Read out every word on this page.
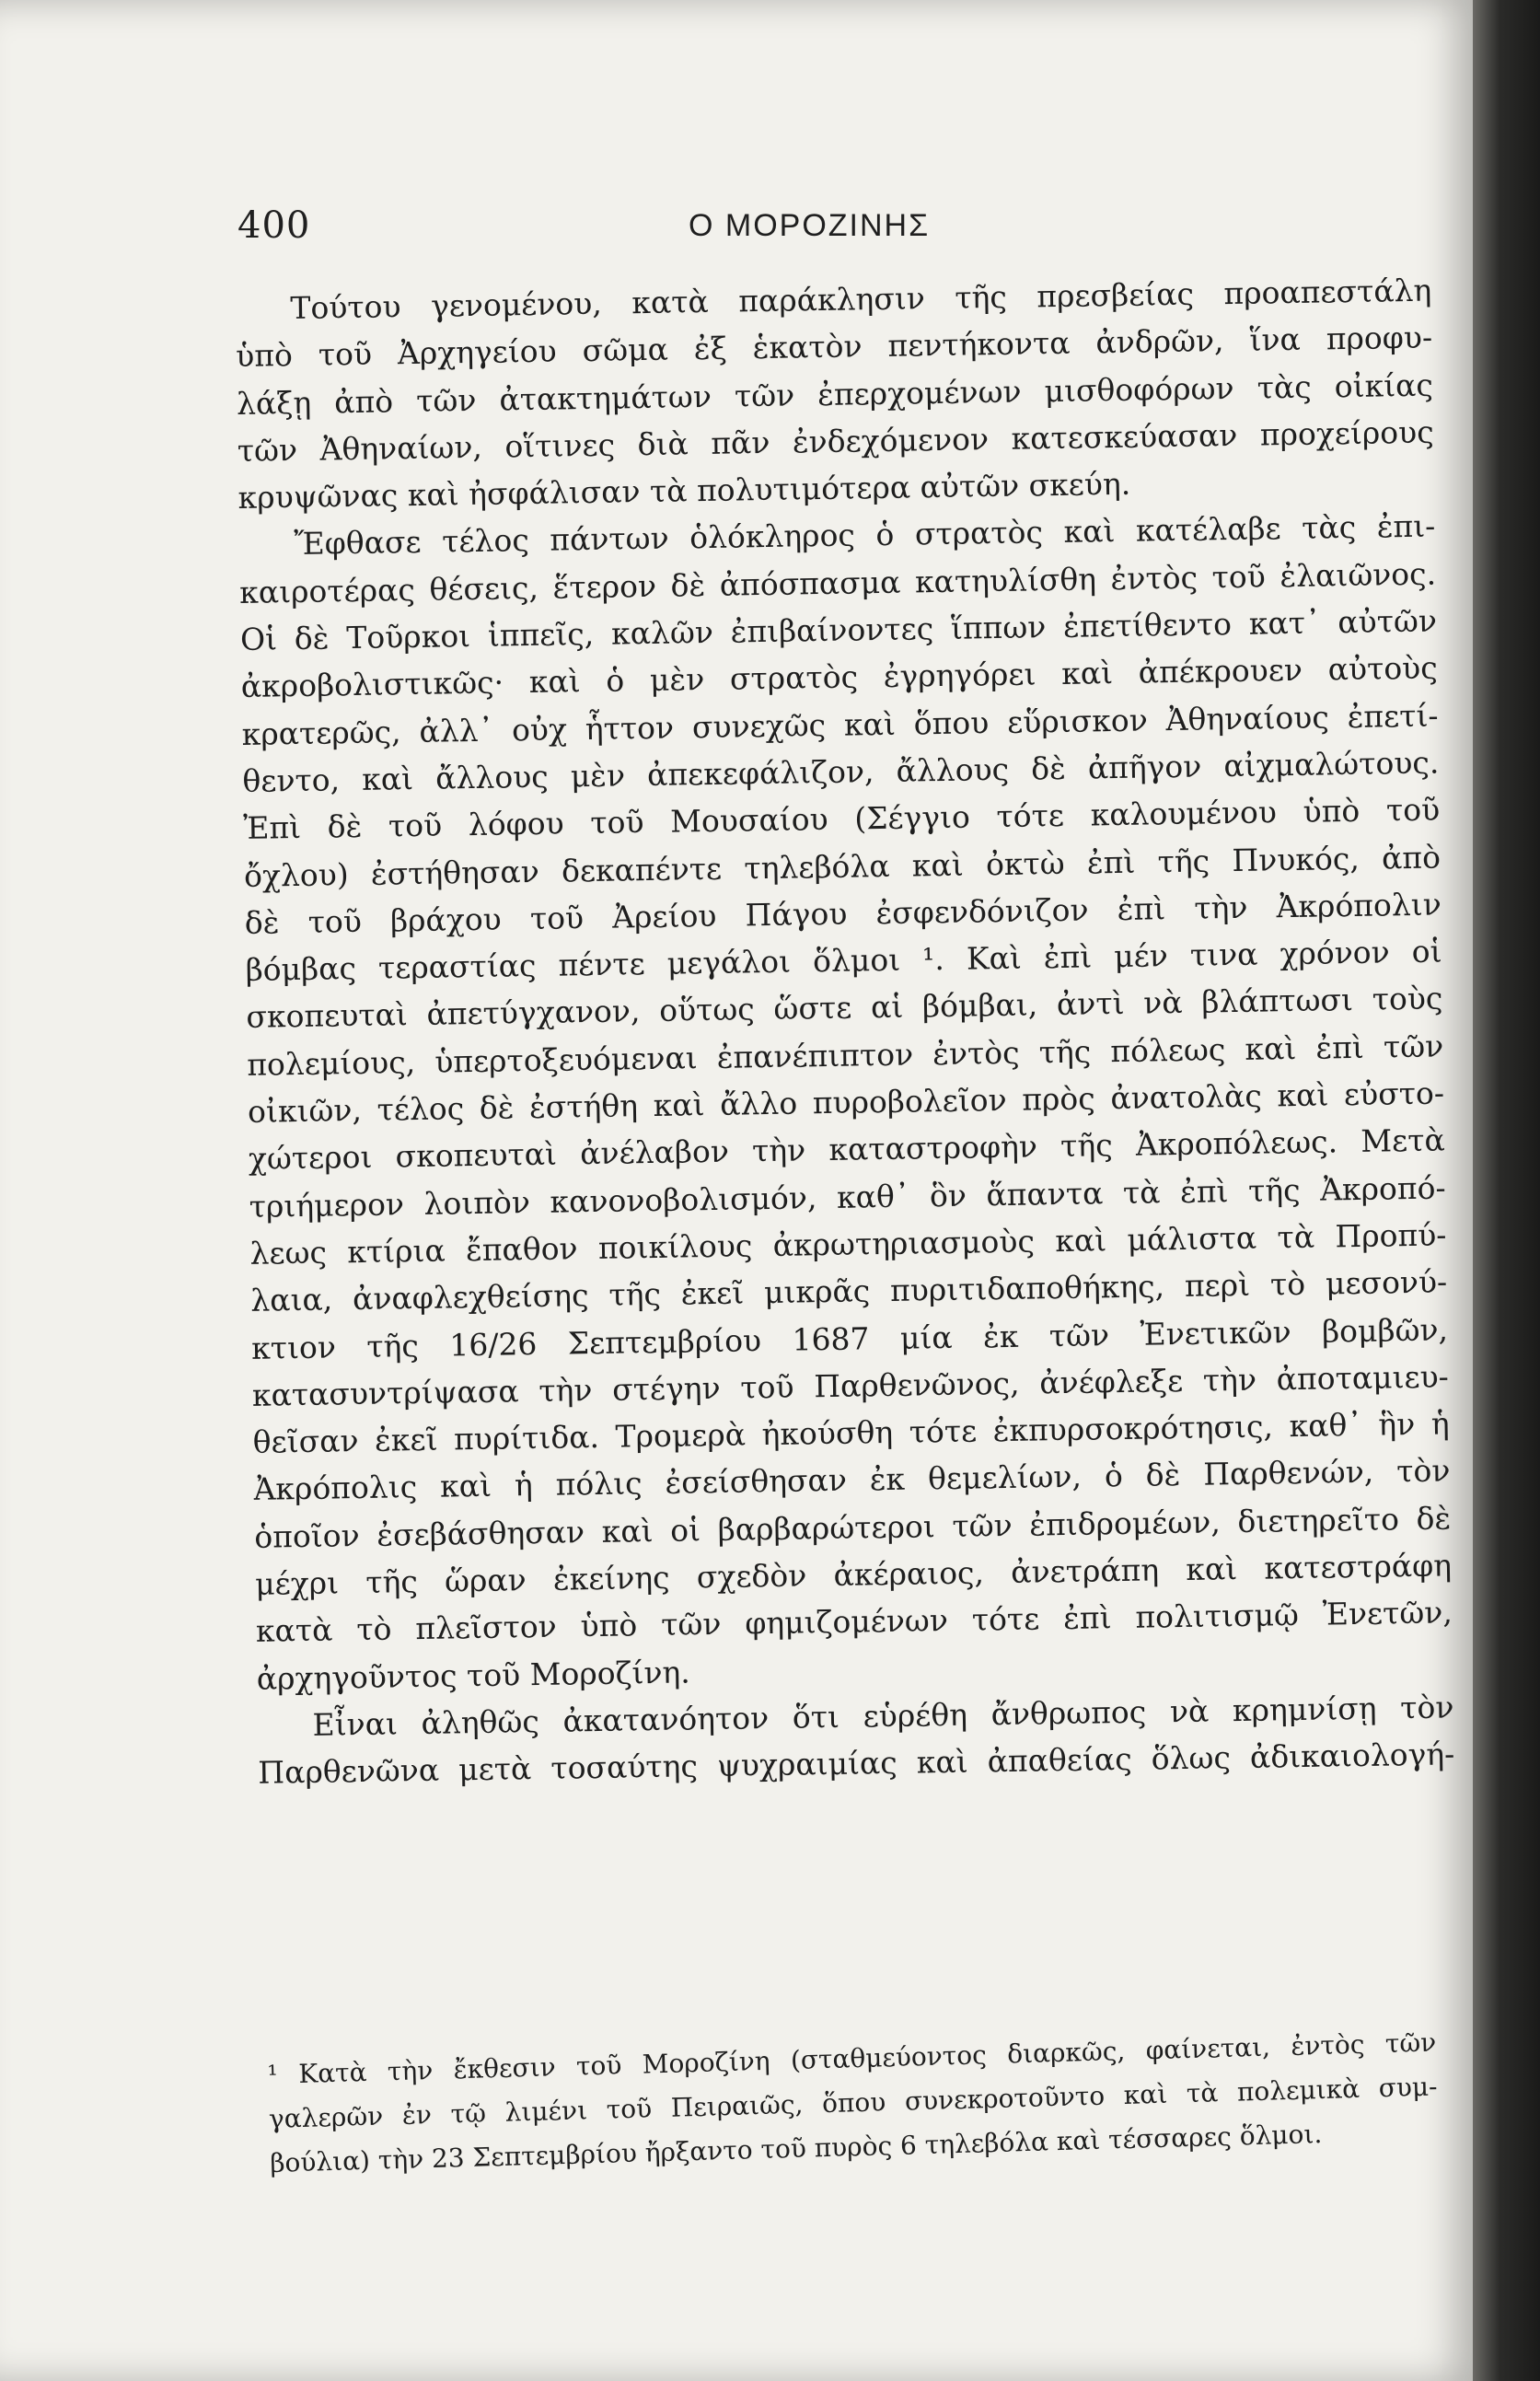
400	Ο ΜΟΡΟΖΙΝΗΣ
Τούτου γενομένου, κατὰ παράκλησιν τῆς πρεσβείας προαπεστάλη
ὑπὸ τοῦ Ἀρχηγείου σῶμα ἐξ ἑκατὸν πεντήκοντα ἀνδρῶν, ἵνα προφυ-
λάξῃ ἀπὸ τῶν ἀτακτημάτων τῶν ἐπερχομένων μισθοφόρων τὰς οἰκίας
τῶν Ἀθηναίων, οἵτινες διὰ πᾶν ἐνδεχόμενον κατεσκεύασαν προχείρους
κρυψῶνας καὶ ἠσφάλισαν τὰ πολυτιμότερα αὐτῶν σκεύη.
Ἔφθασε τέλος πάντων ὁλόκληρος ὁ στρατὸς καὶ κατέλαβε τὰς ἐπι-
καιροτέρας θέσεις, ἕτερον δὲ ἀπόσπασμα κατηυλίσθη ἐντὸς τοῦ ἐλαιῶνος.
Οἱ δὲ Τοῦρκοι ἱππεῖς, καλῶν ἐπιβαίνοντες ἵππων ἐπετίθεντο κατ᾽ αὐτῶν
ἀκροβολιστικῶς· καὶ ὁ μὲν στρατὸς ἐγρηγόρει καὶ ἀπέκρουεν αὐτοὺς
κρατερῶς, ἀλλ᾽ οὐχ ἧττον συνεχῶς καὶ ὅπου εὕρισκον Ἀθηναίους ἐπετί-
θεντο, καὶ ἄλλους μὲν ἀπεκεφάλιζον, ἄλλους δὲ ἀπῆγον αἰχμαλώτους.
Ἐπὶ δὲ τοῦ λόφου τοῦ Μουσαίου (Σέγγιο τότε καλουμένου ὑπὸ τοῦ
ὄχλου) ἐστήθησαν δεκαπέντε τηλεβόλα καὶ ὀκτὼ ἐπὶ τῆς Πνυκός, ἀπὸ
δὲ τοῦ βράχου τοῦ Ἀρείου Πάγου ἐσφενδόνιζον ἐπὶ τὴν Ἀκρόπολιν
βόμβας τεραστίας πέντε μεγάλοι ὅλμοι ¹. Καὶ ἐπὶ μέν τινα χρόνον οἱ
σκοπευταὶ ἀπετύγχανον, οὕτως ὥστε αἱ βόμβαι, ἀντὶ νὰ βλάπτωσι τοὺς
πολεμίους, ὑπερτοξευόμεναι ἐπανέπιπτον ἐντὸς τῆς πόλεως καὶ ἐπὶ τῶν
οἰκιῶν, τέλος δὲ ἐστήθη καὶ ἄλλο πυροβολεῖον πρὸς ἀνατολὰς καὶ εὐστο-
χώτεροι σκοπευταὶ ἀνέλαβον τὴν καταστροφὴν τῆς Ἀκροπόλεως. Μετὰ
τριήμερον λοιπὸν κανονοβολισμόν, καθ᾽ ὃν ἅπαντα τὰ ἐπὶ τῆς Ἀκροπό-
λεως κτίρια ἔπαθον ποικίλους ἀκρωτηριασμοὺς καὶ μάλιστα τὰ Προπύ-
λαια, ἀναφλεχθείσης τῆς ἐκεῖ μικρᾶς πυριτιδαποθήκης, περὶ τὸ μεσονύ-
κτιον τῆς 16/26 Σεπτεμβρίου 1687 μία ἐκ τῶν Ἐνετικῶν βομβῶν,
κατασυντρίψασα τὴν στέγην τοῦ Παρθενῶνος, ἀνέφλεξε τὴν ἀποταμιευ-
θεῖσαν ἐκεῖ πυρίτιδα. Τρομερὰ ἠκούσθη τότε ἐκπυρσοκρότησις, καθ᾽ ἣν ἡ
Ἀκρόπολις καὶ ἡ πόλις ἐσείσθησαν ἐκ θεμελίων, ὁ δὲ Παρθενών, τὸν
ὁποῖον ἐσεβάσθησαν καὶ οἱ βαρβαρώτεροι τῶν ἐπιδρομέων, διετηρεῖτο δὲ
μέχρι τῆς ὥραν ἐκείνης σχεδὸν ἀκέραιος, ἀνετράπη καὶ κατεστράφη
κατὰ τὸ πλεῖστον ὑπὸ τῶν φημιζομένων τότε ἐπὶ πολιτισμῷ Ἐνετῶν,
ἀρχηγοῦντος τοῦ Μοροζίνη.
Εἶναι ἀληθῶς ἀκατανόητον ὅτι εὑρέθη ἄνθρωπος νὰ κρημνίσῃ τὸν
Παρθενῶνα μετὰ τοσαύτης ψυχραιμίας καὶ ἀπαθείας ὅλως ἀδικαιολογή-
¹ Κατὰ τὴν ἔκθεσιν τοῦ Μοροζίνη (σταθμεύοντος διαρκῶς, φαίνεται, ἐντὸς τῶν
γαλερῶν ἐν τῷ λιμένι τοῦ Πειραιῶς, ὅπου συνεκροτοῦντο καὶ τὰ πολεμικὰ συμ-
βούλια) τὴν 23 Σεπτεμβρίου ἤρξαντο τοῦ πυρὸς 6 τηλεβόλα καὶ τέσσαρες ὅλμοι.
